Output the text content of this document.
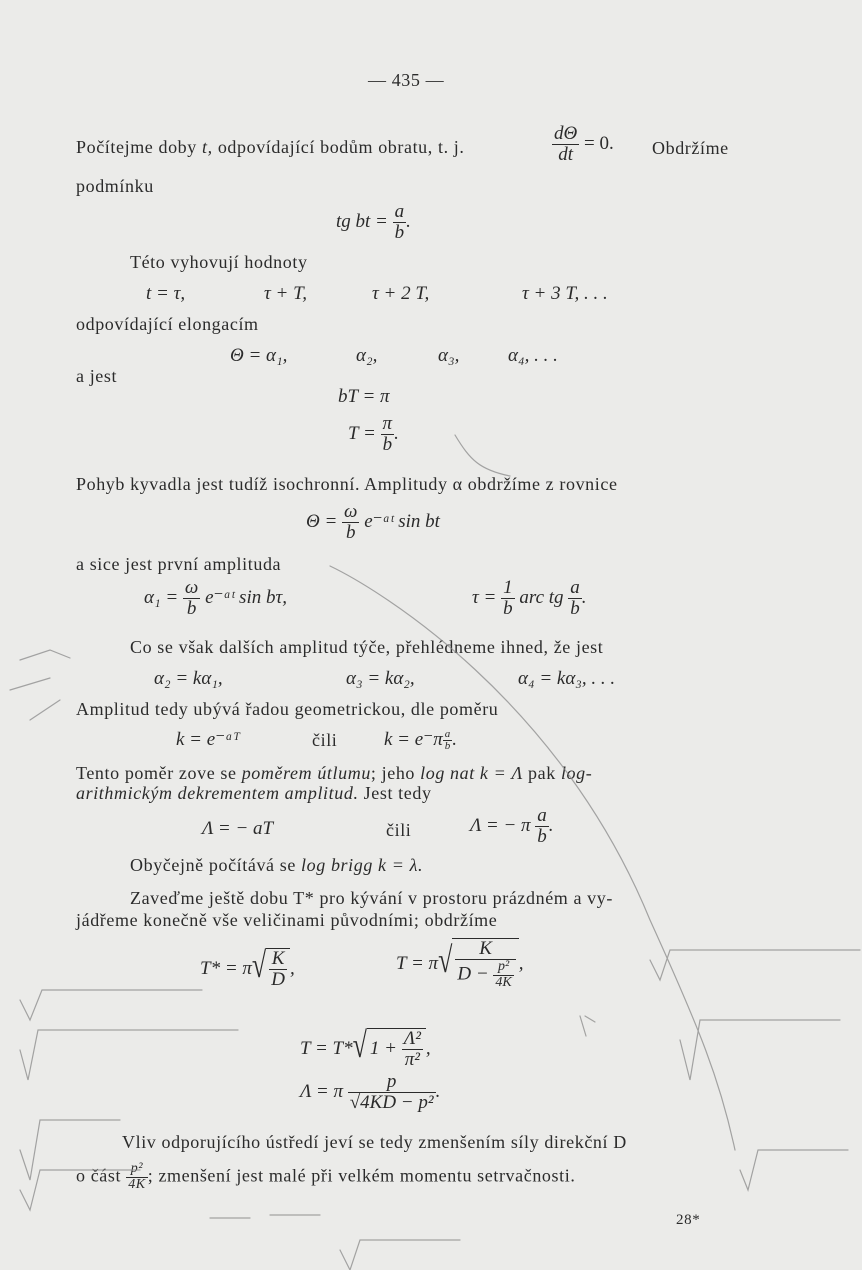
— 435 —
Počítejme doby t, odpovídající bodům obratu, t. j.	$\frac{d\Theta}{dt} = 0$. Obdržíme
podmínku
tg bt = $\frac{a}{b}$ .
Této vyhovují hodnoty
t = τ,	τ + T,	τ + 2 T,	τ + 3 T, . . .
odpovídající elongacím
Θ = α₁,	α₂,	α₃,	α₄, . . .
a jest
bT = π
$T = \frac{\pi}{b}$ .
Pohyb kyvadla jest tudíž isochronní. Amplitudy α obdržíme z rovnice
$\Theta = \frac{\omega}{b}$ e⁻ᵃᵗ sin bt
a sice jest první amplituda
$\alpha_1 = \frac{\omega}{b}$ e⁻ᵃᵗ sin bτ,	$\tau = \frac{1}{b}$ arc tg $\frac{a}{b}$ .
Co se však dalších amplitud týče, přehlédneme ihned, že jest
α₂ = kα₁,	α₃ = kα₂,	α₄ = kα₃, . . .
Amplitud tedy ubývá řadou geometrickou, dle poměru
k = e⁻ᵃᵀ	čili $k = e^-\pi \frac{a}{b}$ .
Tento poměr zove se poměrem útlumu; jeho log nat k = Λ pak log-
arithmickým dekrementem amplitud. Jest tedy
Λ = − aT	čili	Λ = − π $\frac{a}{b}$ .
Obyčejně počítává se log brigg k = λ.
Zaveďme ještě dobu T* pro kývání v prostoru prázdném a vy-
jádřeme konečně vše veličinami původními; obdržíme
$T* = \pi√ \frac{K}{D}$ ,	$T = \pi√ \frac{K}{D - \frac{\text{p²}}{4K}}$ ,
T = T*√ $1 + \frac{\text{Λ²}}{\text{π²}}$ ,
Λ = π $\frac{p}{\text{√4KD − p²}}$ .
Vliv odporujícího ústředí jeví se tedy zmenšením síly direkční D
o část $\frac{\text{p²}}{4K}$ ; zmenšení jest malé při velkém momentu setrvačnosti.
28*
